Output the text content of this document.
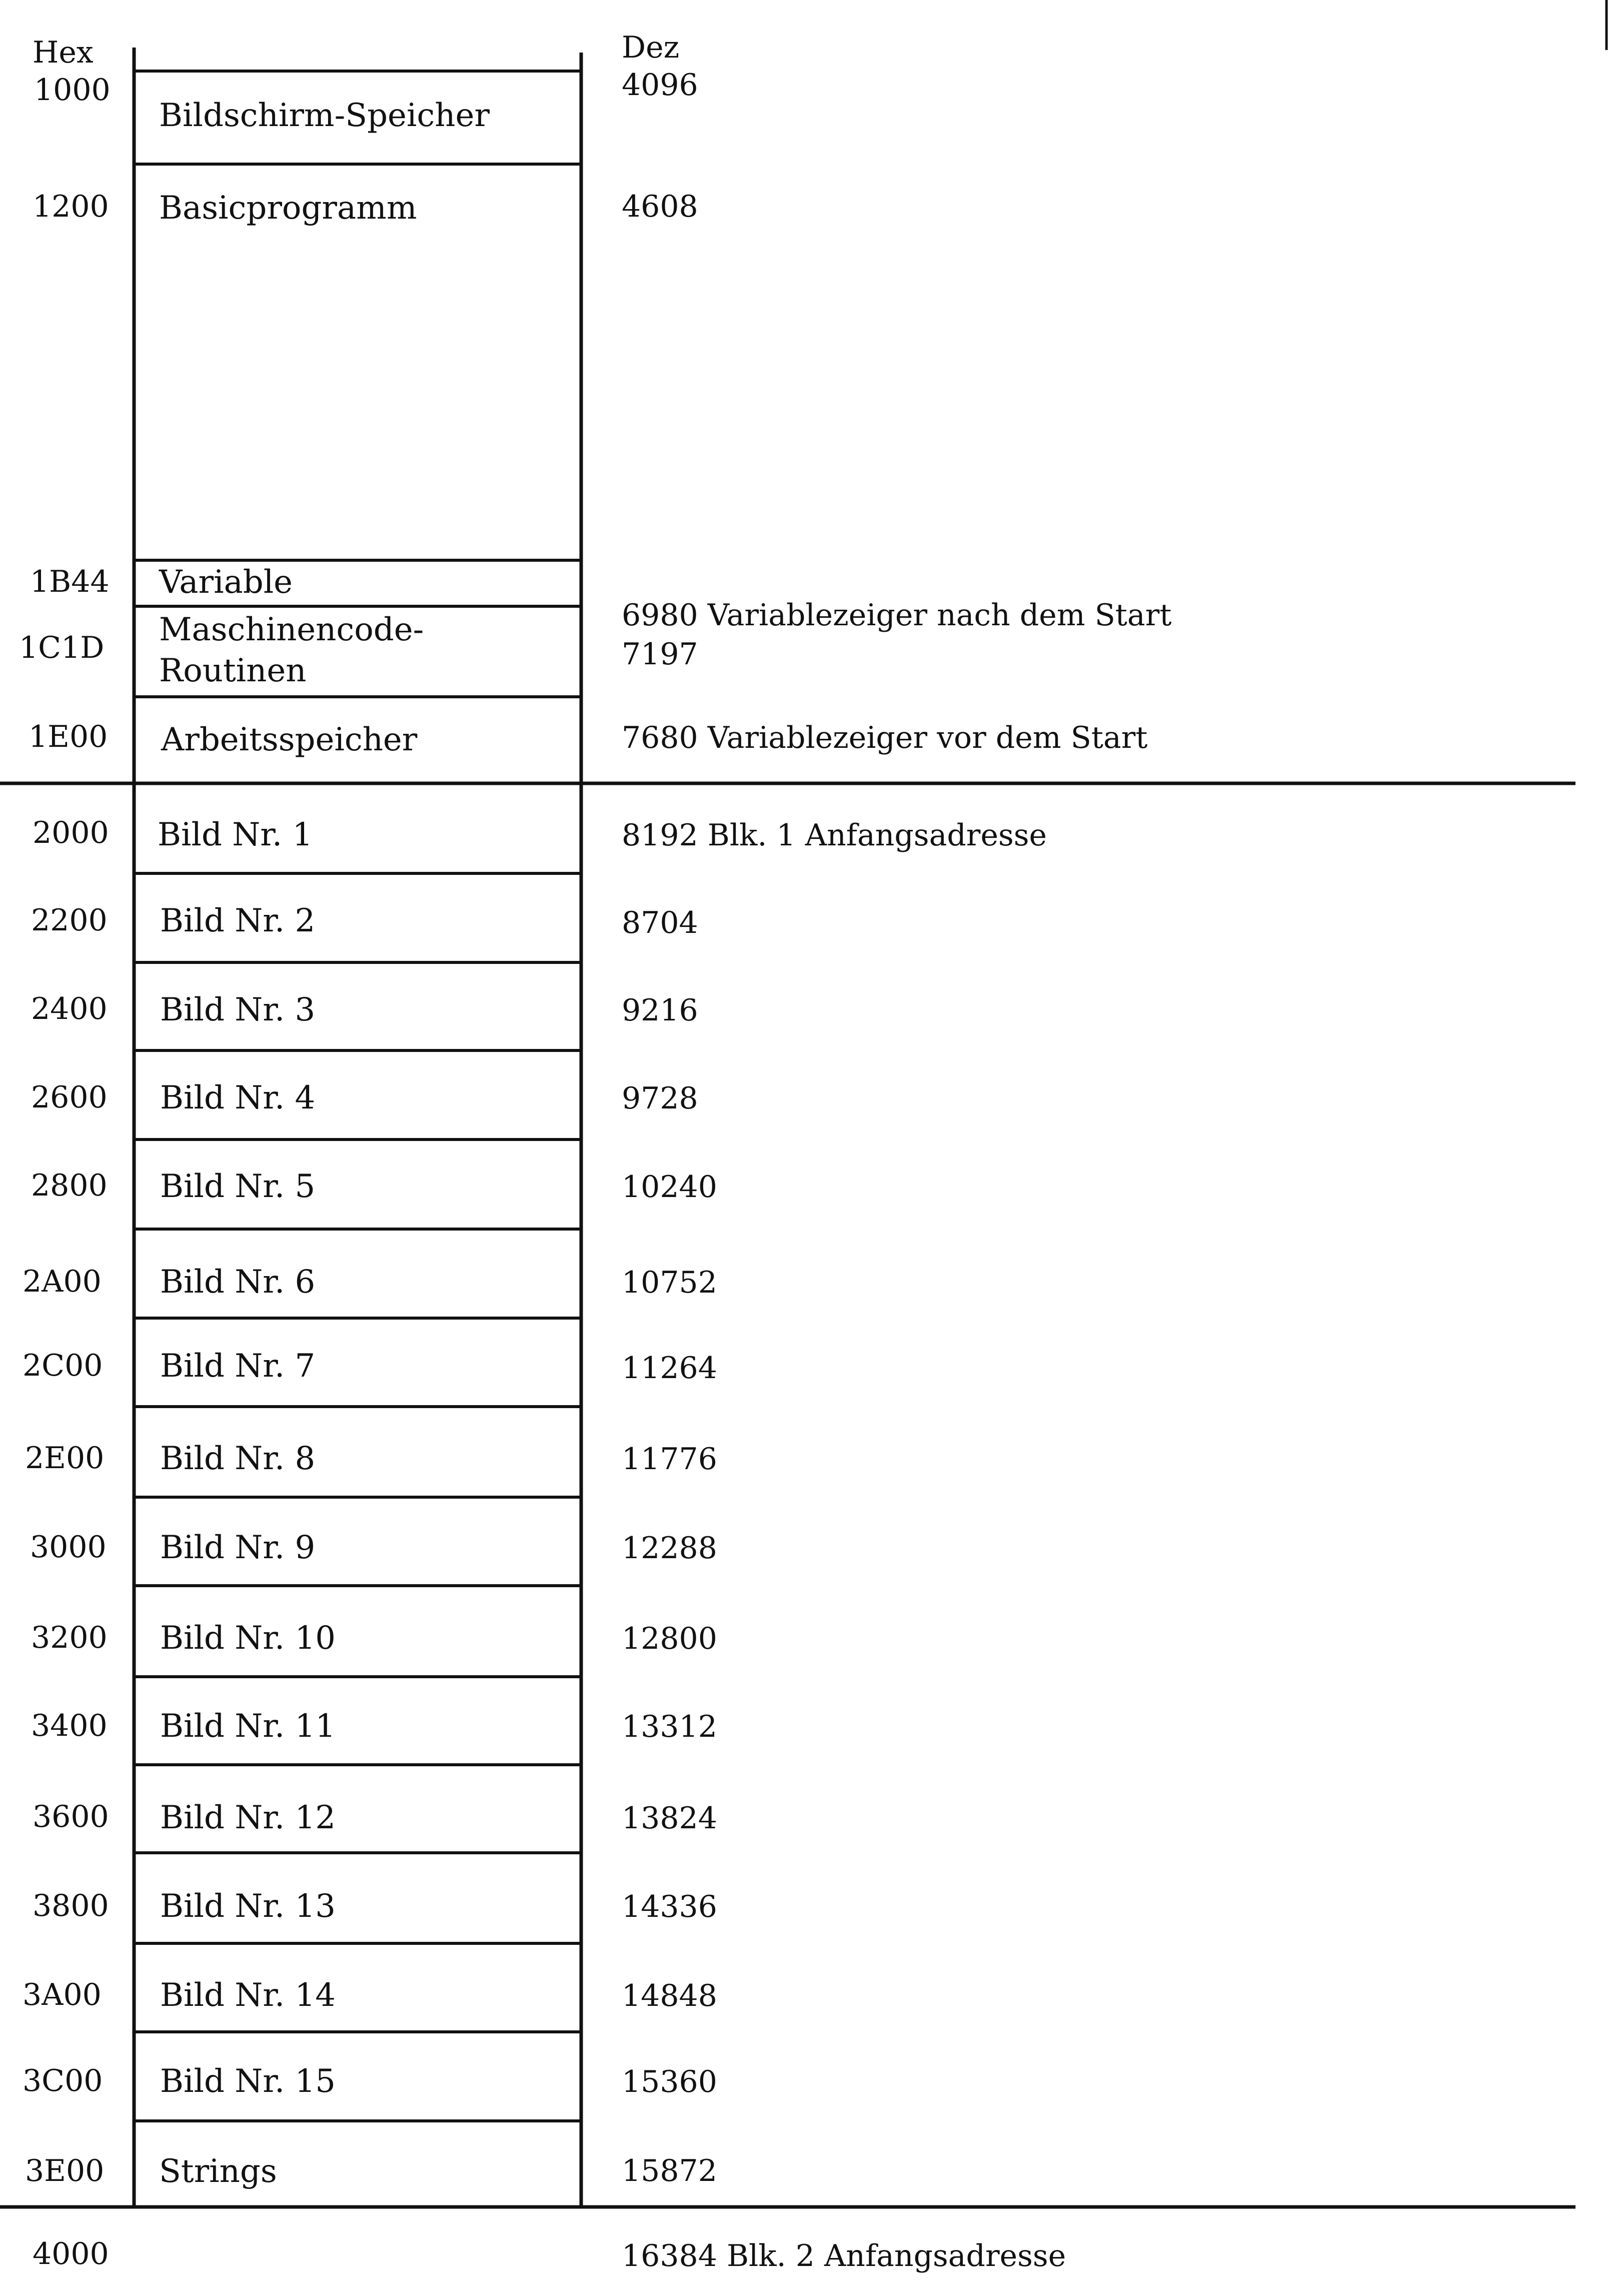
Hex	Dez
1000
1200
1B44
1C1D
1E00
2000
2200
2400
2600
2800
2A00
2C00
2E00
3000
3200
3400
3600
3800
3A00
3C00
3E00
4000
Bildschirm-Speicher
Basicprogramm
Variable
Maschinencode-
Routinen
Arbeitsspeicher
Bild Nr. 1
Bild Nr. 2
Bild Nr. 3
Bild Nr. 4
Bild Nr. 5
Bild Nr. 6
Bild Nr. 7
Bild Nr. 8
Bild Nr. 9
Bild Nr. 10
Bild Nr. 11
Bild Nr. 12
Bild Nr. 13
Bild Nr. 14
Bild Nr. 15
Strings
4096
4608
6980 Variablezeiger nach dem Start
7197
7680 Variablezeiger vor dem Start
8192 Blk. 1 Anfangsadresse
8704
9216
9728
10240
10752
11264
11776
12288
12800
13312
13824
14336
14848
15360
15872
16384 Blk. 2 Anfangsadresse
